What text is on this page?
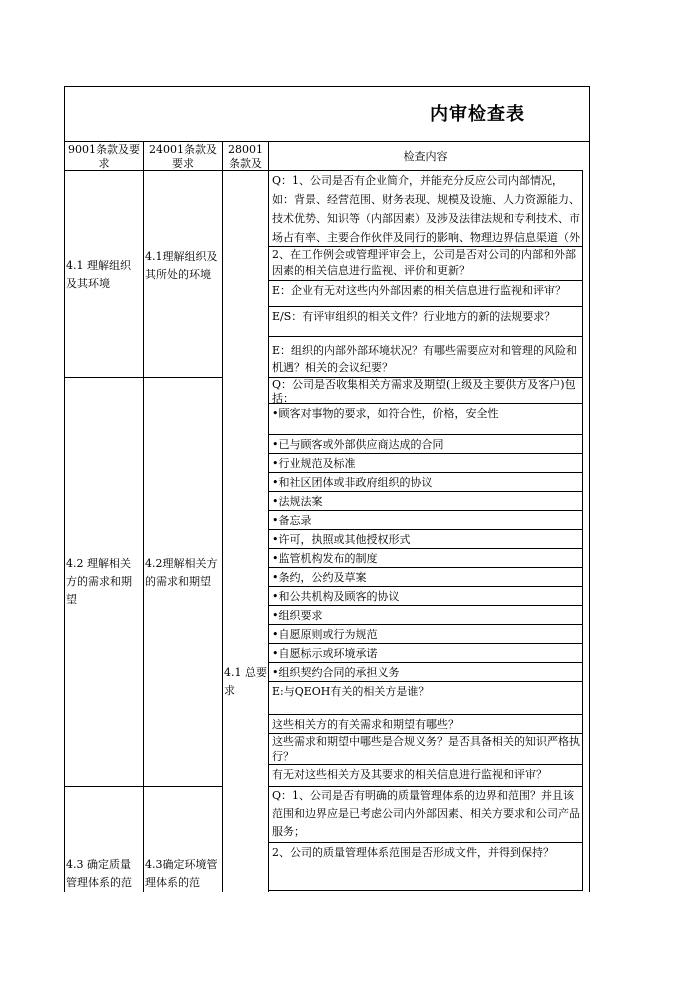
内审检查表
9001条款及要求
24001条款及要求
28001条款及
检查内容
4.1 理解组织及其环境
4.1理解组织及其所处的环境
4.2 理解相关方的需求和期望
4.2理解相关方的需求和期望
4.1 总要求
4.3 确定质量管理体系的范
4.3确定环境管理体系的范
Q：1、公司是否有企业简介，并能充分反应公司内部情况，如：背景、经营范围、财务表现、规模及设施、人力资源能力、技术优势、知识等（内部因素）及涉及法律法规和专利技术、市场占有率、主要合作伙伴及同行的影响、物理边界信息渠道（外
2、在工作例会或管理评审会上，公司是否对公司的内部和外部因素的相关信息进行监视、评价和更新？
E：企业有无对这些内外部因素的相关信息进行监视和评审？
E/S：有评审组织的相关文件？行业地方的新的法规要求？
E：组织的内部外部环境状况？有哪些需要应对和管理的风险和机遇？相关的会议纪要？
Q：公司是否收集相关方需求及期望(上级及主要供方及客户)包括：
•顾客对事物的要求，如符合性，价格，安全性
•已与顾客或外部供应商达成的合同
•行业规范及标准
•和社区团体或非政府组织的协议
•法规法案
•备忘录
•许可，执照或其他授权形式
•监管机构发布的制度
•条约，公约及草案
•和公共机构及顾客的协议
•组织要求
•自愿原则或行为规范
•自愿标示或环境承诺
•组织契约合同的承担义务
E:与QEOH有关的相关方是谁？
这些相关方的有关需求和期望有哪些？
这些需求和期望中哪些是合规义务？是否具备相关的知识严格执行？
有无对这些相关方及其要求的相关信息进行监视和评审？
Q：1、公司是否有明确的质量管理体系的边界和范围？并且该范围和边界应是已考虑公司内外部因素、相关方要求和公司产品服务；
2、公司的质量管理体系范围是否形成文件，并得到保持？
